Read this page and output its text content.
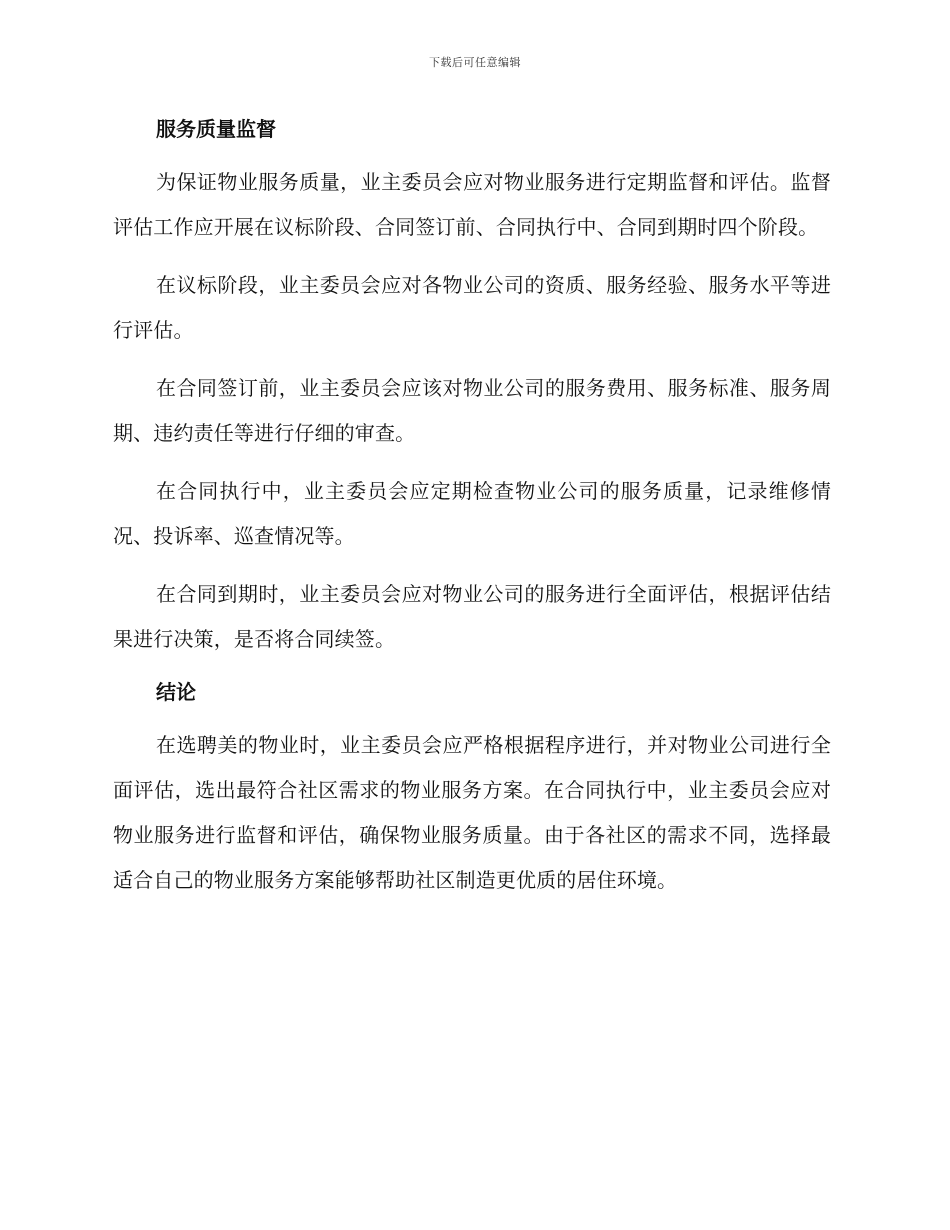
下载后可任意编辑
服务质量监督

为保证物业服务质量，业主委员会应对物业服务进行定期监督和评估。监督评估工作应开展在议标阶段、合同签订前、合同执行中、合同到期时四个阶段。

在议标阶段，业主委员会应对各物业公司的资质、服务经验、服务水平等进行评估。

在合同签订前，业主委员会应该对物业公司的服务费用、服务标准、服务周期、违约责任等进行仔细的审查。

在合同执行中，业主委员会应定期检查物业公司的服务质量，记录维修情况、投诉率、巡查情况等。

在合同到期时，业主委员会应对物业公司的服务进行全面评估，根据评估结果进行决策，是否将合同续签。

结论

在选聘美的物业时，业主委员会应严格根据程序进行，并对物业公司进行全面评估，选出最符合社区需求的物业服务方案。在合同执行中，业主委员会应对物业服务进行监督和评估，确保物业服务质量。由于各社区的需求不同，选择最适合自己的物业服务方案能够帮助社区制造更优质的居住环境。
